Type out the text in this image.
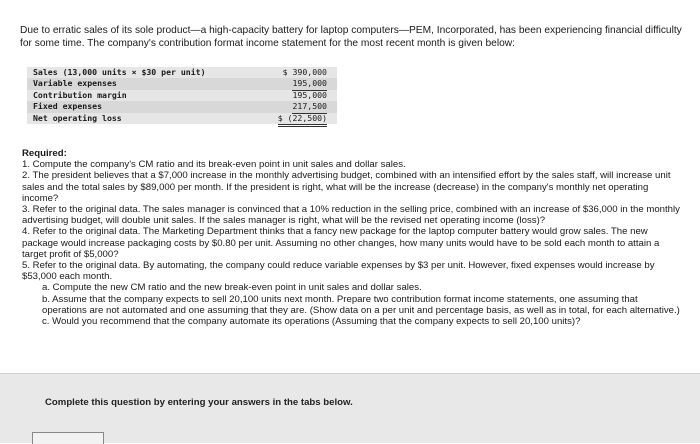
Due to erratic sales of its sole product—a high-capacity battery for laptop computers—PEM, Incorporated, has been experiencing financial difficulty for some time. The company's contribution format income statement for the most recent month is given below:
Sales (13,000 units × $30 per unit)	$ 390,000
Variable expenses	195,000
Contribution margin	195,000
Fixed expenses	217,500
Net operating loss	$ (22,500)
Required:
1. Compute the company's CM ratio and its break-even point in unit sales and dollar sales.
2. The president believes that a $7,000 increase in the monthly advertising budget, combined with an intensified effort by the sales staff, will increase unit sales and the total sales by $89,000 per month. If the president is right, what will be the increase (decrease) in the company's monthly net operating income?
3. Refer to the original data. The sales manager is convinced that a 10% reduction in the selling price, combined with an increase of $36,000 in the monthly advertising budget, will double unit sales. If the sales manager is right, what will be the revised net operating income (loss)?
4. Refer to the original data. The Marketing Department thinks that a fancy new package for the laptop computer battery would grow sales. The new package would increase packaging costs by $0.80 per unit. Assuming no other changes, how many units would have to be sold each month to attain a target profit of $5,000?
5. Refer to the original data. By automating, the company could reduce variable expenses by $3 per unit. However, fixed expenses would increase by $53,000 each month.
a. Compute the new CM ratio and the new break-even point in unit sales and dollar sales.
b. Assume that the company expects to sell 20,100 units next month. Prepare two contribution format income statements, one assuming that operations are not automated and one assuming that they are. (Show data on a per unit and percentage basis, as well as in total, for each alternative.)
c. Would you recommend that the company automate its operations (Assuming that the company expects to sell 20,100 units)?
Complete this question by entering your answers in the tabs below.
